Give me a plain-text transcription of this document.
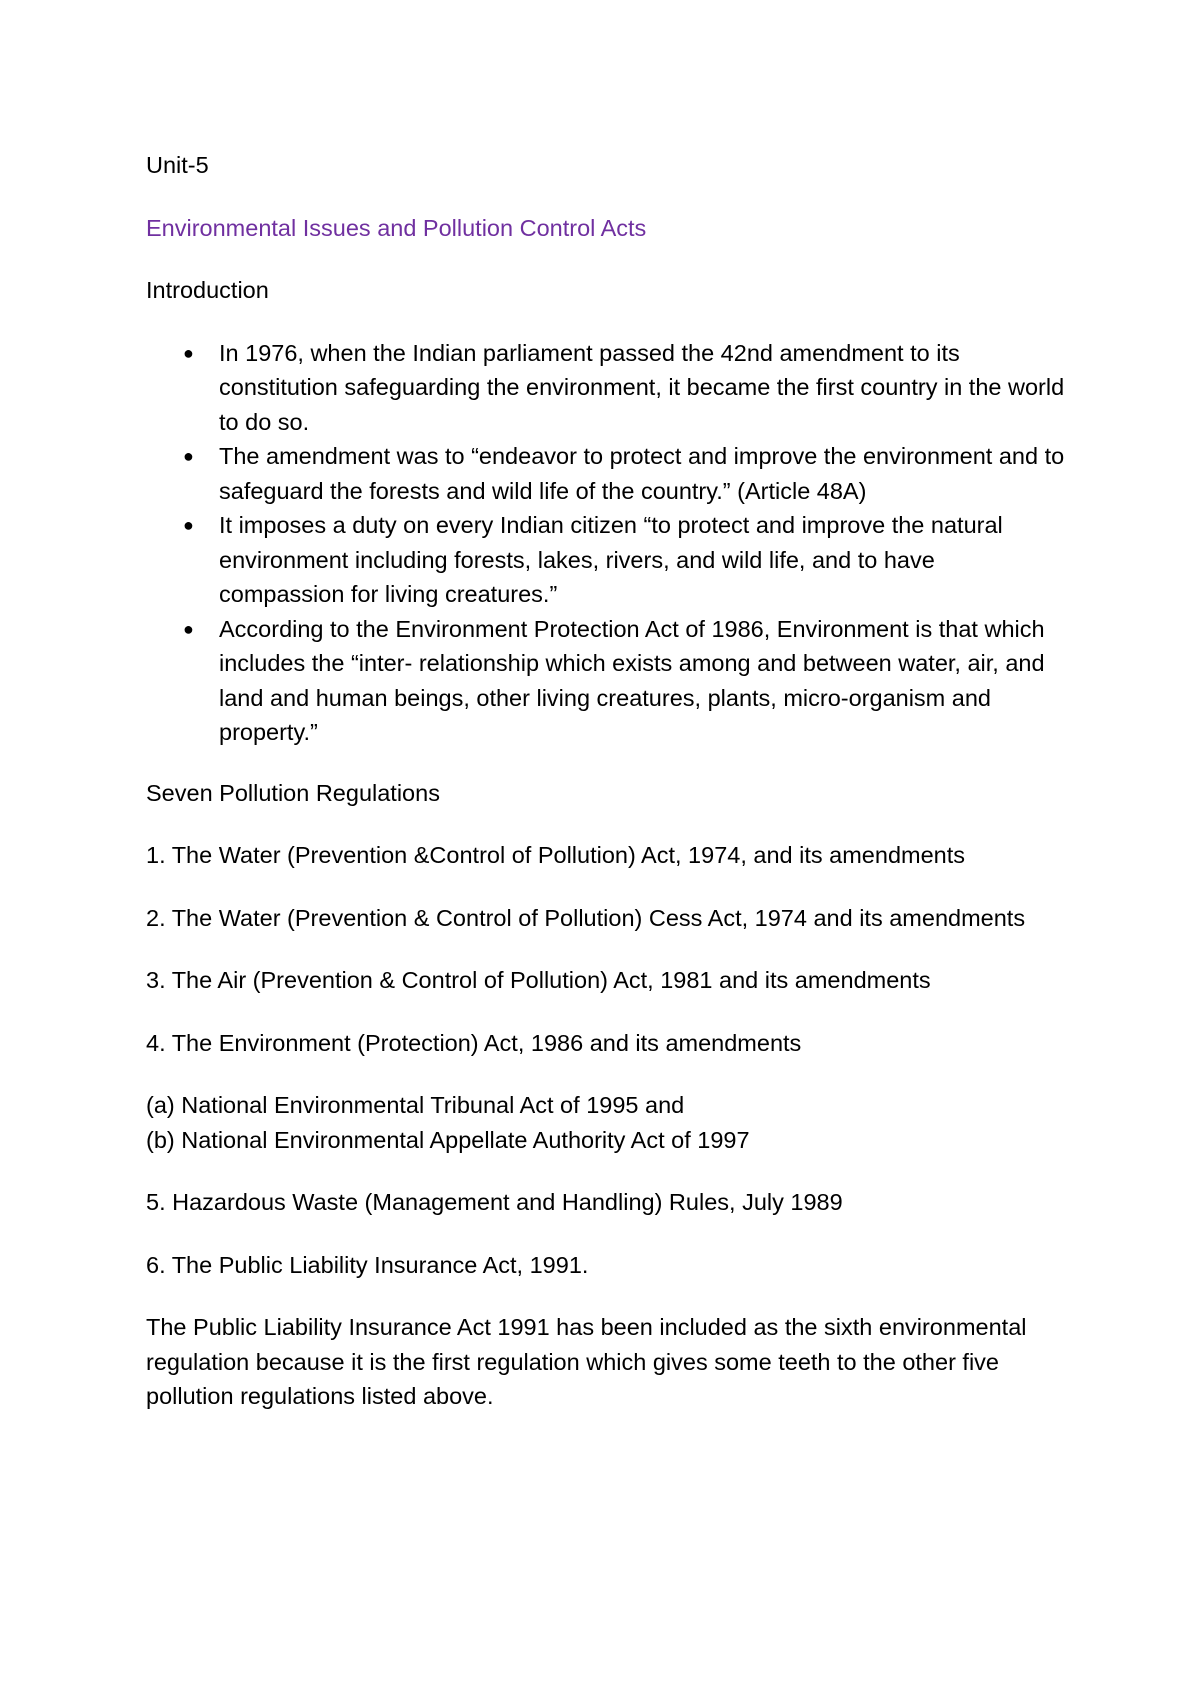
Unit-5

Environmental Issues and Pollution Control Acts

Introduction

● In 1976, when the Indian parliament passed the 42nd amendment to its constitution safeguarding the environment, it became the first country in the world to do so.
● The amendment was to “endeavor to protect and improve the environment and to safeguard the forests and wild life of the country.” (Article 48A)
● It imposes a duty on every Indian citizen “to protect and improve the natural environment including forests, lakes, rivers, and wild life, and to have compassion for living creatures.”
● According to the Environment Protection Act of 1986, Environment is that which includes the “inter- relationship which exists among and between water, air, and land and human beings, other living creatures, plants, micro-organism and property.”

Seven Pollution Regulations

1. The Water (Prevention &Control of Pollution) Act, 1974, and its amendments

2. The Water (Prevention & Control of Pollution) Cess Act, 1974 and its amendments

3. The Air (Prevention & Control of Pollution) Act, 1981 and its amendments

4. The Environment (Protection) Act, 1986 and its amendments

(a) National Environmental Tribunal Act of 1995 and

(b) National Environmental Appellate Authority Act of 1997

5. Hazardous Waste (Management and Handling) Rules, July 1989

6. The Public Liability Insurance Act, 1991.

The Public Liability Insurance Act 1991 has been included as the sixth environmental regulation because it is the first regulation which gives some teeth to the other five pollution regulations listed above.
